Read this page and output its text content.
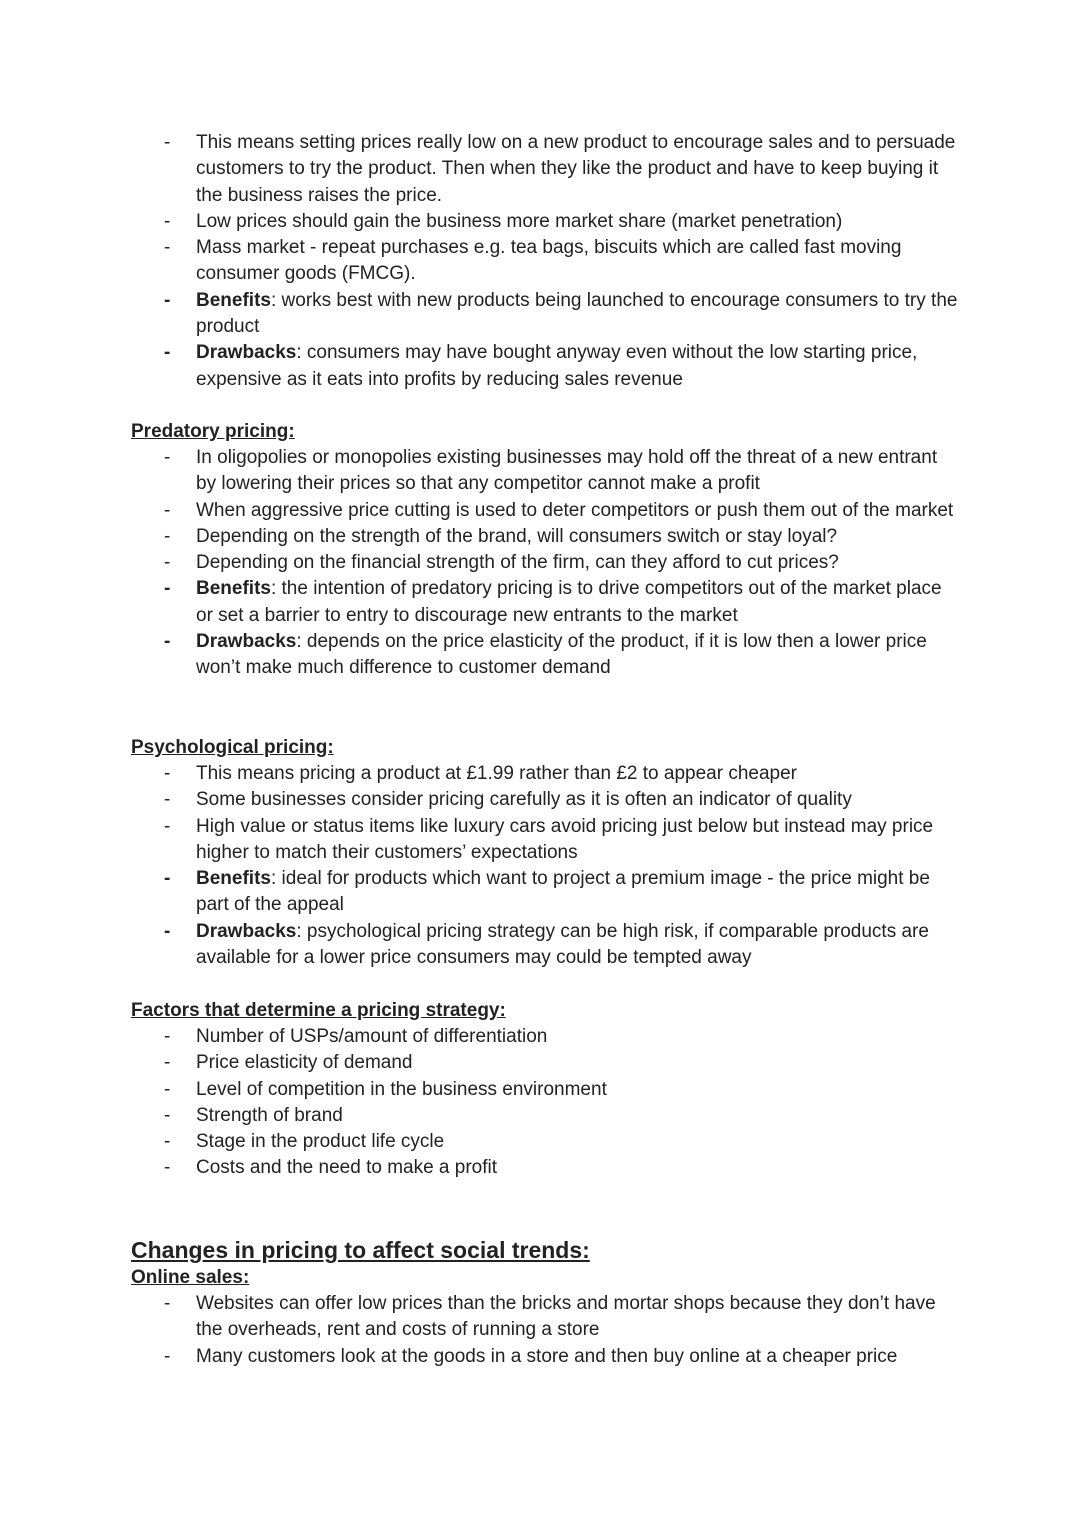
-	This means setting prices really low on a new product to encourage sales and to persuade customers to try the product. Then when they like the product and have to keep buying it the business raises the price.
-	Low prices should gain the business more market share (market penetration)
-	Mass market - repeat purchases e.g. tea bags, biscuits which are called fast moving consumer goods (FMCG).
-	Benefits: works best with new products being launched to encourage consumers to try the product
-	Drawbacks: consumers may have bought anyway even without the low starting price, expensive as it eats into profits by reducing sales revenue
Predatory pricing:
-	In oligopolies or monopolies existing businesses may hold off the threat of a new entrant by lowering their prices so that any competitor cannot make a profit
-	When aggressive price cutting is used to deter competitors or push them out of the market
-	Depending on the strength of the brand, will consumers switch or stay loyal?
-	Depending on the financial strength of the firm, can they afford to cut prices?
-	Benefits: the intention of predatory pricing is to drive competitors out of the market place or set a barrier to entry to discourage new entrants to the market
-	Drawbacks: depends on the price elasticity of the product, if it is low then a lower price won’t make much difference to customer demand
Psychological pricing:
-	This means pricing a product at £1.99 rather than £2 to appear cheaper
-	Some businesses consider pricing carefully as it is often an indicator of quality
-	High value or status items like luxury cars avoid pricing just below but instead may price higher to match their customers’ expectations
-	Benefits: ideal for products which want to project a premium image - the price might be part of the appeal
-	Drawbacks: psychological pricing strategy can be high risk, if comparable products are available for a lower price consumers may could be tempted away
Factors that determine a pricing strategy:
-	Number of USPs/amount of differentiation
-	Price elasticity of demand
-	Level of competition in the business environment
-	Strength of brand
-	Stage in the product life cycle
-	Costs and the need to make a profit
Changes in pricing to affect social trends:
Online sales:
-	Websites can offer low prices than the bricks and mortar shops because they don’t have the overheads, rent and costs of running a store
-	Many customers look at the goods in a store and then buy online at a cheaper price
